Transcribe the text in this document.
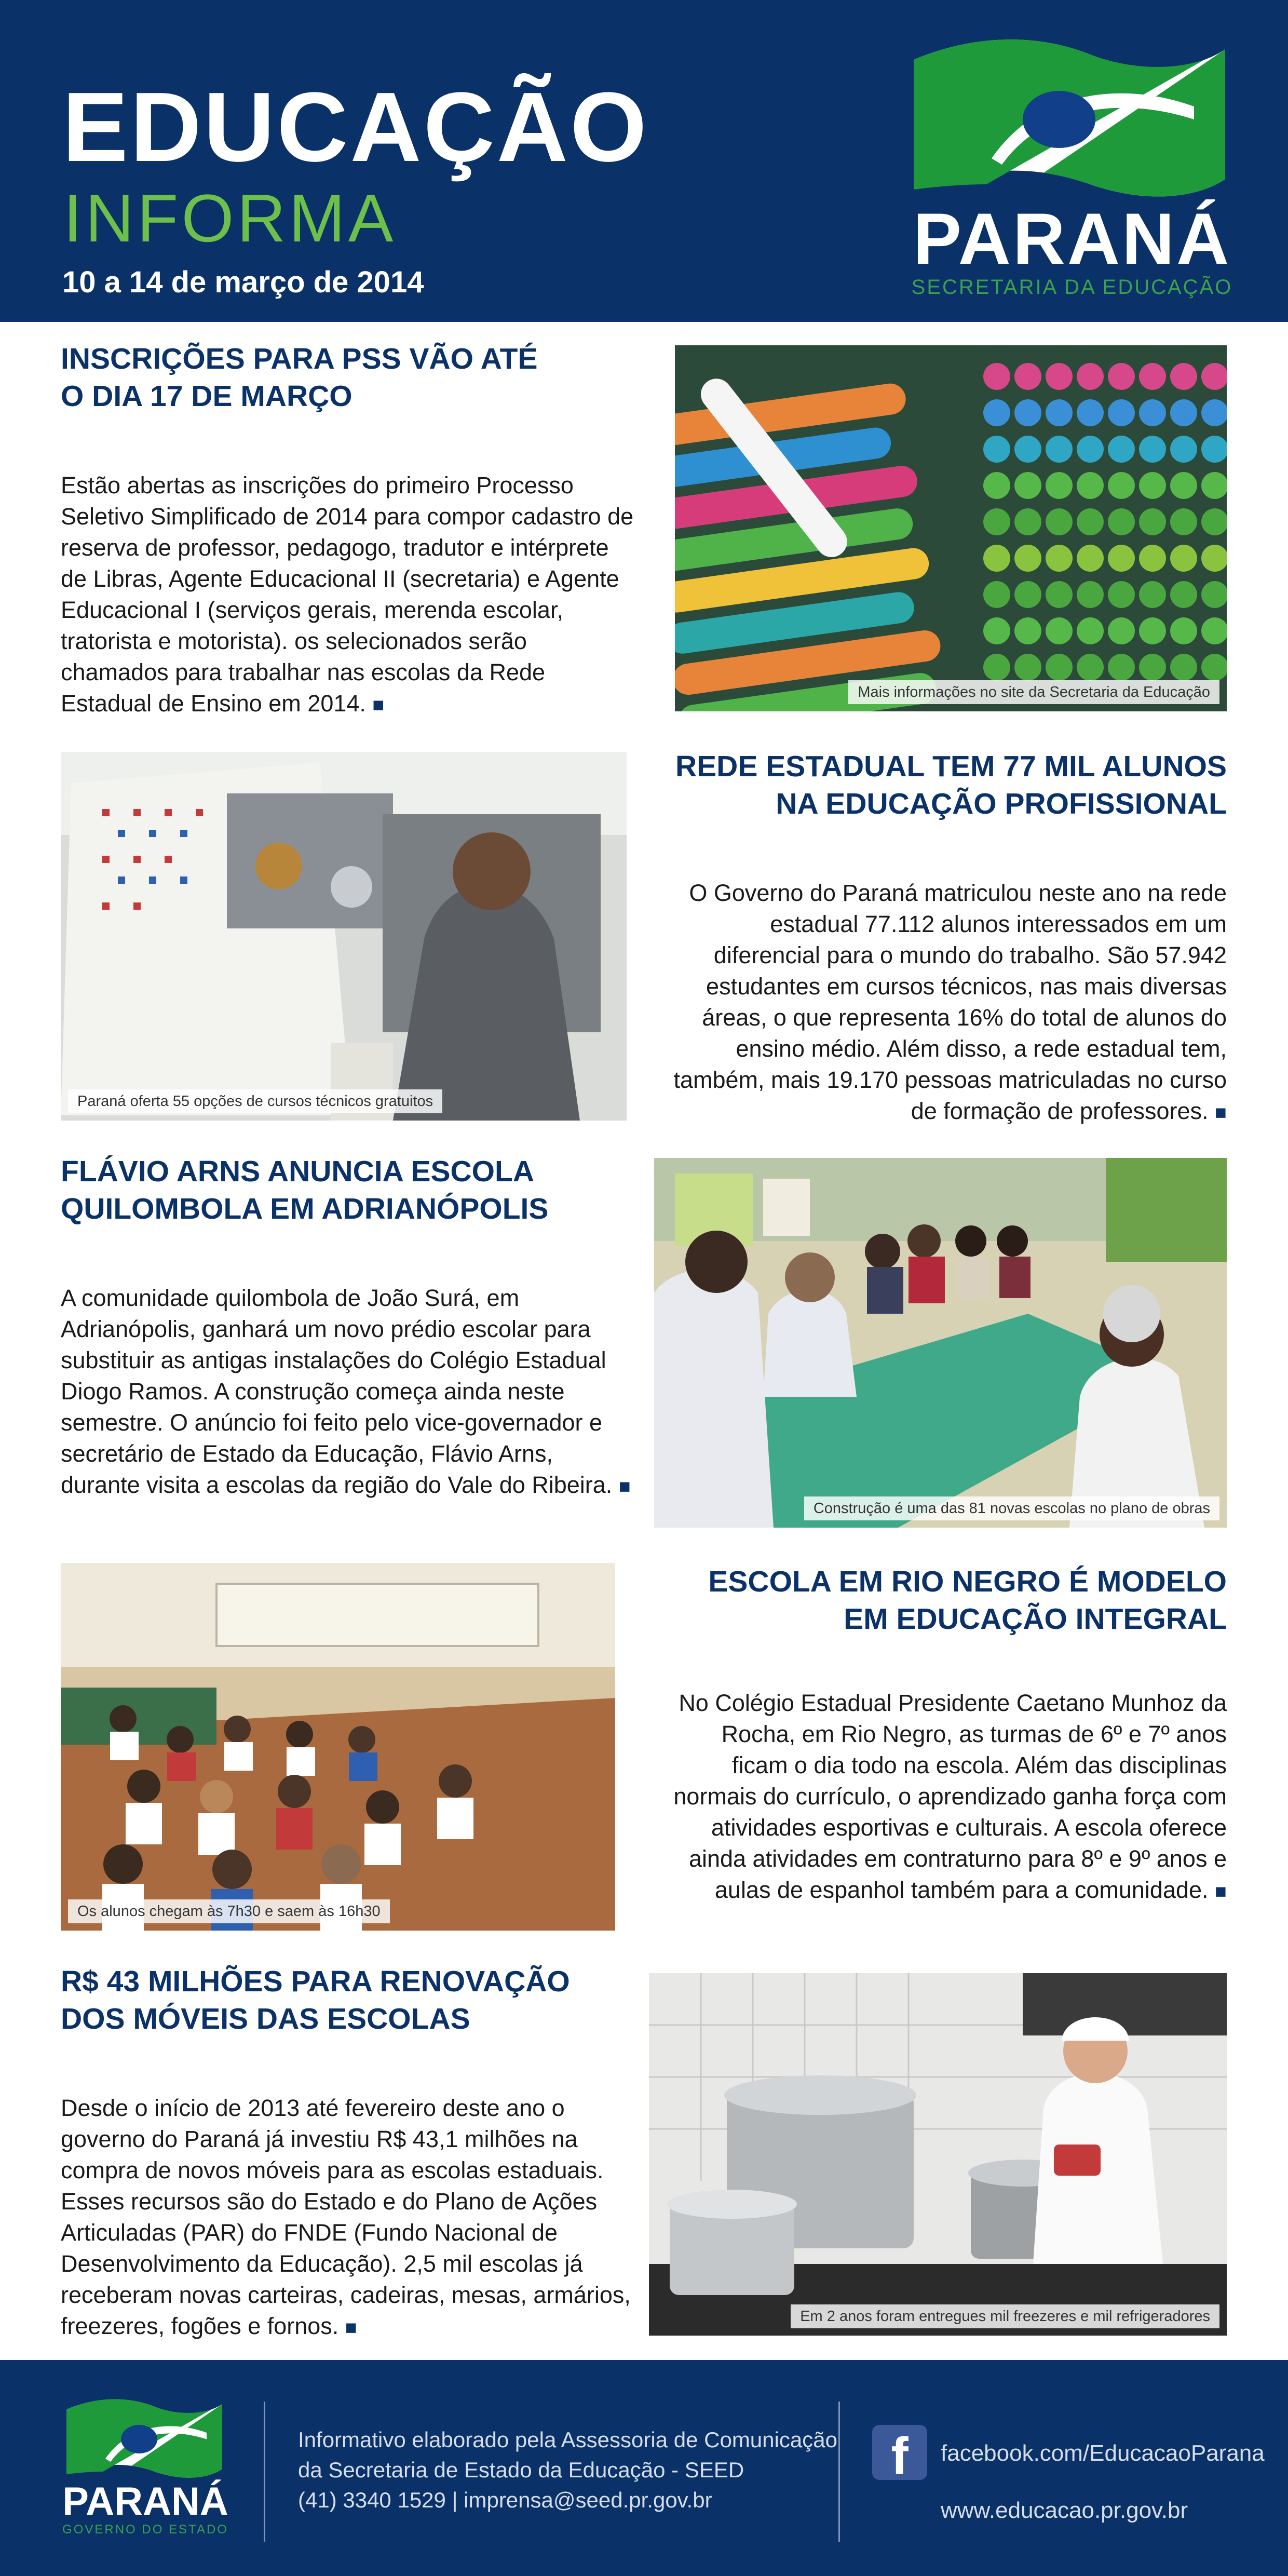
EDUCAÇÃO
INFORMA
10 a 14 de março de 2014
PARANÁ
SECRETARIA DA EDUCAÇÃO

INSCRIÇÕES PARA PSS VÃO ATÉ

O DIA 17 DE MARÇO

Estão abertas as inscrições do primeiro Processo Seletivo Simplificado de 2014 para compor cadastro de reserva de professor, pedagogo, tradutor e intérprete de Libras, Agente Educacional II (secretaria) e Agente Educacional I (serviços gerais, merenda escolar, tratorista e motorista). os selecionados serão chamados para trabalhar nas escolas da Rede Estadual de Ensino em 2014. ■
Mais informações no site da Secretaria da Educação
Paraná oferta 55 opções de cursos técnicos gratuitos

REDE ESTADUAL TEM 77 MIL ALUNOS

NA EDUCAÇÃO PROFISSIONAL

O Governo do Paraná matriculou neste ano na rede estadual 77.112 alunos interessados em um diferencial para o mundo do trabalho. São 57.942 estudantes em cursos técnicos, nas mais diversas áreas, o que representa 16% do total de alunos do ensino médio. Além disso, a rede estadual tem, também, mais 19.170 pessoas matriculadas no curso de formação de professores. ■

FLÁVIO ARNS ANUNCIA ESCOLA

QUILOMBOLA EM ADRIANÓPOLIS

A comunidade quilombola de João Surá, em Adrianópolis, ganhará um novo prédio escolar para substituir as antigas instalações do Colégio Estadual Diogo Ramos. A construção começa ainda neste semestre. O anúncio foi feito pelo vice-governador e secretário de Estado da Educação, Flávio Arns, durante visita a escolas da região do Vale do Ribeira. ■
Construção é uma das 81 novas escolas no plano de obras
Os alunos chegam às 7h30 e saem às 16h30

ESCOLA EM RIO NEGRO É MODELO

EM EDUCAÇÃO INTEGRAL

No Colégio Estadual Presidente Caetano Munhoz da Rocha, em Rio Negro, as turmas de 6º e 7º anos ficam o dia todo na escola. Além das disciplinas normais do currículo, o aprendizado ganha força com atividades esportivas e culturais. A escola oferece ainda atividades em contraturno para 8º e 9º anos e aulas de espanhol também para a comunidade. ■

R$ 43 MILHÕES PARA RENOVAÇÃO

DOS MÓVEIS DAS ESCOLAS

Desde o início de 2013 até fevereiro deste ano o governo do Paraná já investiu R$ 43,1 milhões na compra de novos móveis para as escolas estaduais. Esses recursos são do Estado e do Plano de Ações Articuladas (PAR) do FNDE (Fundo Nacional de Desenvolvimento da Educação). 2,5 mil escolas já receberam novas carteiras, cadeiras, mesas, armários, freezeres, fogões e fornos. ■
Em 2 anos foram entregues mil freezeres e mil refrigeradores
PARANÁ
GOVERNO DO ESTADO
Informativo elaborado pela Assessoria de Comunicação
da Secretaria de Estado da Educação - SEED
(41) 3340 1529 | imprensa@seed.pr.gov.br
f	facebook.com/EducacaoParana
www.educacao.pr.gov.br
